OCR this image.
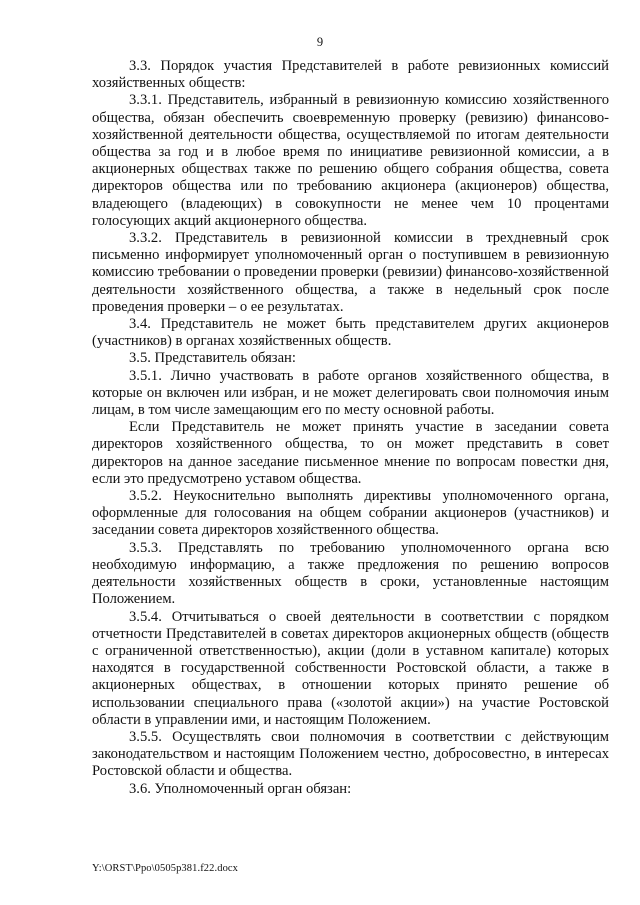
9

3.3. Порядок участия Представителей в работе ревизионных комиссий хозяйственных обществ:

3.3.1. Представитель, избранный в ревизионную комиссию хозяйственного общества, обязан обеспечить своевременную проверку (ревизию) финансово-хозяйственной деятельности общества, осуществляемой по итогам деятельности общества за год и в любое время по инициативе ревизионной комиссии, а в акционерных обществах также по решению общего собрания общества, совета директоров общества или по требованию акционера (акционеров) общества, владеющего (владеющих) в совокупности не менее чем 10 процентами голосующих акций акционерного общества.

3.3.2. Представитель в ревизионной комиссии в трехдневный срок письменно информирует уполномоченный орган о поступившем в ревизионную комиссию требовании о проведении проверки (ревизии) финансово-хозяйственной деятельности хозяйственного общества, а также в недельный срок после проведения проверки – о ее результатах.

3.4. Представитель не может быть представителем других акционеров (участников) в органах хозяйственных обществ.

3.5. Представитель обязан:

3.5.1. Лично участвовать в работе органов хозяйственного общества, в которые он включен или избран, и не может делегировать свои полномочия иным лицам, в том числе замещающим его по месту основной работы.

Если Представитель не может принять участие в заседании совета директоров хозяйственного общества, то он может представить в совет директоров на данное заседание письменное мнение по вопросам повестки дня, если это предусмотрено уставом общества.

3.5.2. Неукоснительно выполнять директивы уполномоченного органа, оформленные для голосования на общем собрании акционеров (участников) и заседании совета директоров хозяйственного общества.

3.5.3. Представлять по требованию уполномоченного органа всю необходимую информацию, а также предложения по решению вопросов деятельности хозяйственных обществ в сроки, установленные настоящим Положением.

3.5.4. Отчитываться о своей деятельности в соответствии с порядком отчетности Представителей в советах директоров акционерных обществ (обществ с ограниченной ответственностью), акции (доли в уставном капитале) которых находятся в государственной собственности Ростовской области, а также в акционерных обществах, в отношении которых принято решение об использовании специального права («золотой акции») на участие Ростовской области в управлении ими, и настоящим Положением.

3.5.5. Осуществлять свои полномочия в соответствии с действующим законодательством и настоящим Положением честно, добросовестно, в интересах Ростовской области и общества.

3.6. Уполномоченный орган обязан:

Y:\ORST\Ppo\0505p381.f22.docx
